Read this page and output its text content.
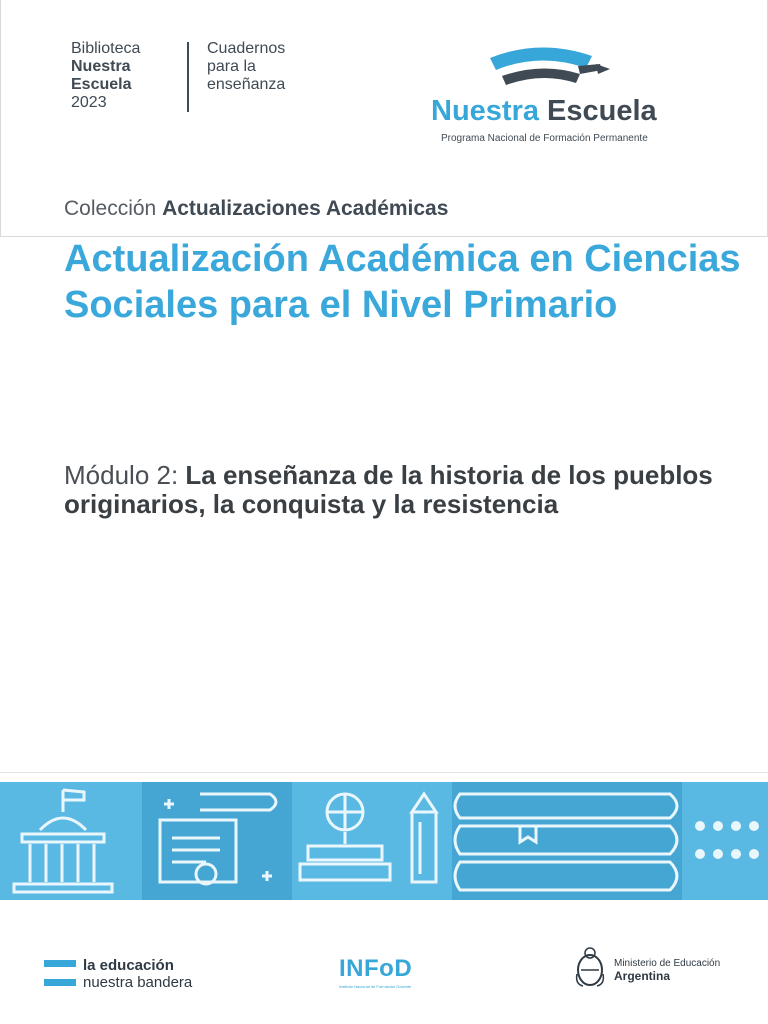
Biblioteca
Nuestra
Escuela
2023
Cuadernos
para la
enseñanza
Nuestra Escuela
Programa Nacional de Formación Permanente
Colección Actualizaciones Académicas
Actualización Académica en Ciencias Sociales para el Nivel Primario

Módulo 2: La enseñanza de la historia de los pueblos originarios, la conquista y la resistencia

la educación
nuestra bandera
INFoD
Instituto Nacional de Formación Docente
Ministerio de Educación
Argentina
